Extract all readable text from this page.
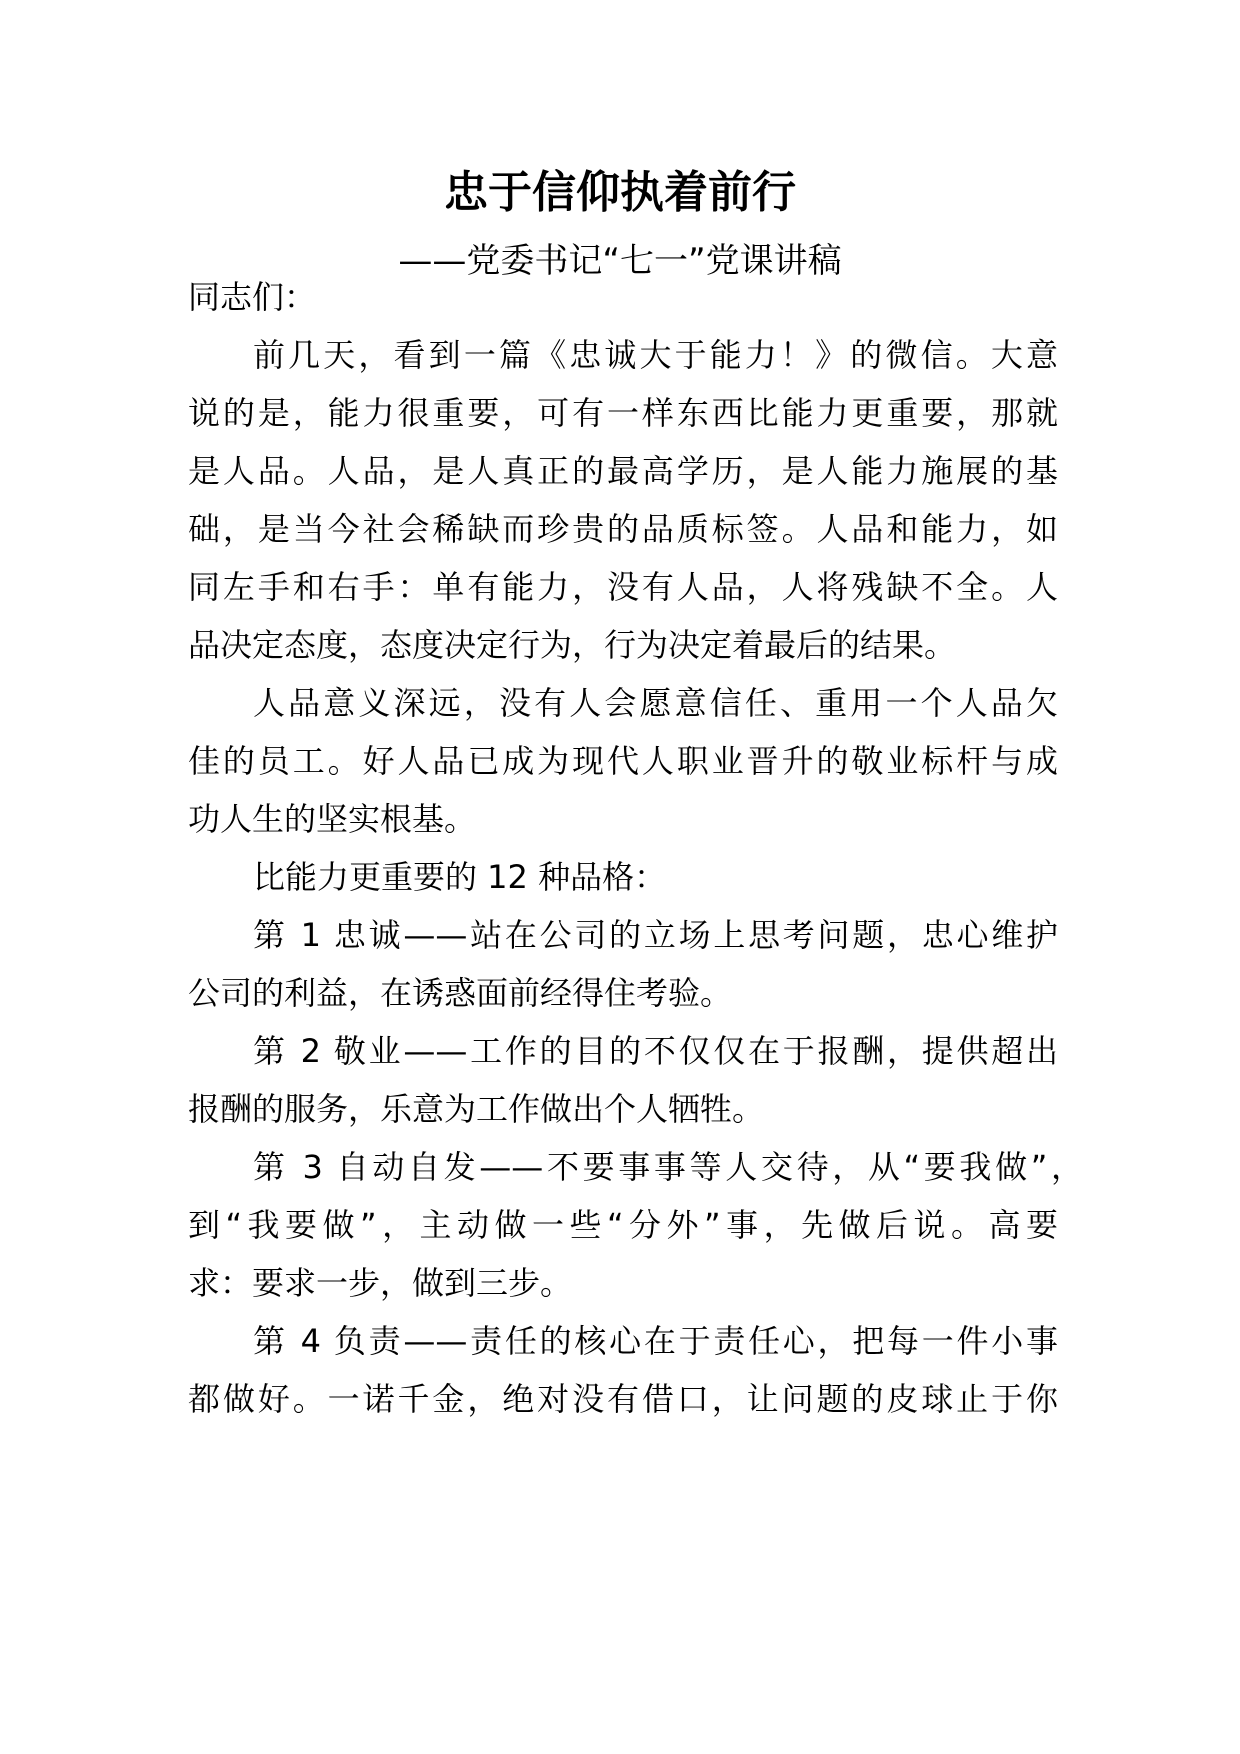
忠于信仰执着前行
——党委书记“七一”党课讲稿
同志们：
前几天，看到一篇《忠诚大于能力！》的微信。大意
说的是，能力很重要，可有一样东西比能力更重要，那就
是人品。人品，是人真正的最高学历，是人能力施展的基
础，是当今社会稀缺而珍贵的品质标签。人品和能力，如
同左手和右手：单有能力，没有人品，人将残缺不全。人
品决定态度，态度决定行为，行为决定着最后的结果。
人品意义深远，没有人会愿意信任、重用一个人品欠
佳的员工。好人品已成为现代人职业晋升的敬业标杆与成
功人生的坚实根基。
比能力更重要的 12 种品格：
第 1 忠诚——站在公司的立场上思考问题，忠心维护
公司的利益，在诱惑面前经得住考验。
第 2 敬业——工作的目的不仅仅在于报酬，提供超出
报酬的服务，乐意为工作做出个人牺牲。
第 3 自动自发——不要事事等人交待，从“要我做”，
到“我要做”，主动做一些“分外”事，先做后说。高要
求：要求一步，做到三步。
第 4 负责——责任的核心在于责任心，把每一件小事
都做好。一诺千金，绝对没有借口，让问题的皮球止于你
